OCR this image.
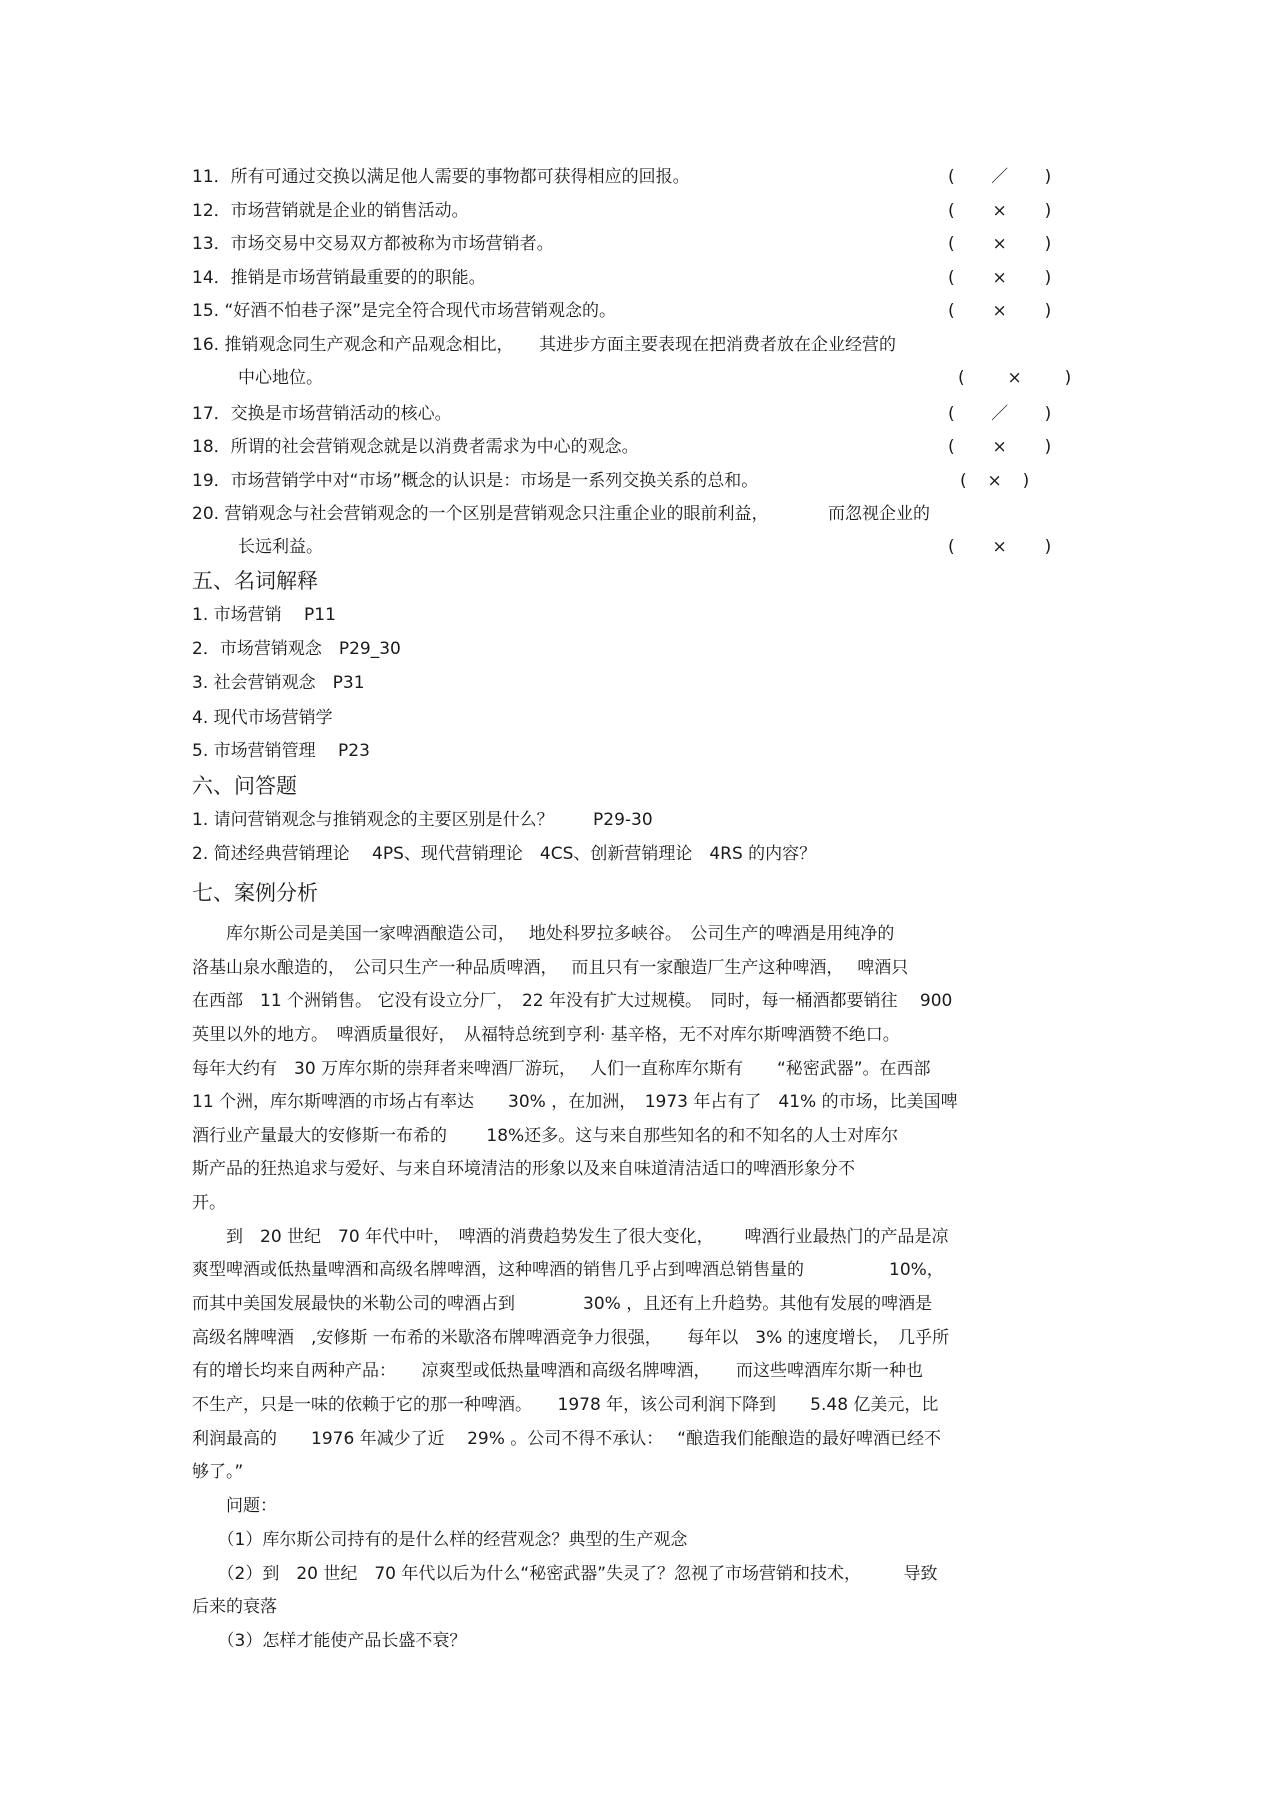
11．所有可通过交换以满足他人需要的事物都可获得相应的回报。	( ／ )
12．市场营销就是企业的销售活动。	( × )
13．市场交易中交易双方都被称为市场营销者。	( × )
14．推销是市场营销最重要的的职能。	( × )
15. “好酒不怕巷子深”是完全符合现代市场营销观念的。	( × )
16. 推销观念同生产观念和产品观念相比，　　其进步方面主要表现在把消费者放在企业经营的
中心地位。	(	×	)
17．交换是市场营销活动的核心。	( ／ )
18．所谓的社会营销观念就是以消费者需求为中心的观念。	( × )
19．市场营销学中对“市场”概念的认识是：市场是一系列交换关系的总和。	( × )
20. 营销观念与社会营销观念的一个区别是营销观念只注重企业的眼前利益，　　　　而忽视企业的
长远利益。	( × )
五、名词解释
1. 市场营销　 P11
2．市场营销观念　P29_30
3. 社会营销观念　P31
4. 现代市场营销学
5. 市场营销管理　 P23
六、问答题
1. 请问营销观念与推销观念的主要区别是什么？　　 P29-30
2. 简述经典营销理论　 4PS、现代营销理论　4CS、创新营销理论　4RS 的内容？
七、案例分析
　　库尔斯公司是美国一家啤酒酿造公司，　 地处科罗拉多峡谷。　公司生产的啤酒是用纯净的
洛基山泉水酿造的，　公司只生产一种品质啤酒，　 而且只有一家酿造厂生产这种啤酒，　 啤酒只
在西部　11 个洲销售。 它没有设立分厂，　22 年没有扩大过规模。　同时，每一桶酒都要销往　 900
英里以外的地方。　啤酒质量很好，　从福特总统到亨利· 基辛格，无不对库尔斯啤酒赞不绝口。
每年大约有　30 万库尔斯的崇拜者来啤酒厂游玩，　 人们一直称库尔斯有　　“秘密武器”。在西部
11 个洲，库尔斯啤酒的市场占有率达　　30% ，在加洲，　1973 年占有了　41% 的市场，比美国啤
酒行业产量最大的安修斯一布希的　　 18%还多。这与来自那些知名的和不知名的人士对库尔
斯产品的狂热追求与爱好、与来自环境清洁的形象以及来自味道清洁适口的啤酒形象分不
开。
　　到　20 世纪　70 年代中叶，　啤酒的消费趋势发生了很大变化，　　 啤酒行业最热门的产品是凉
爽型啤酒或低热量啤酒和高级名牌啤酒，这种啤酒的销售几乎占到啤酒总销售量的　　　　　10%，
而其中美国发展最快的米勒公司的啤酒占到　　　　30% ，且还有上升趋势。其他有发展的啤酒是
高级名牌啤酒　,安修斯 一布希的米歇洛布牌啤酒竞争力很强，　　每年以　3% 的速度增长，　几乎所
有的增长均来自两种产品：　　凉爽型或低热量啤酒和高级名牌啤酒，　　而这些啤酒库尔斯一种也
不生产，只是一味的依赖于它的那一种啤酒。　　1978 年，该公司利润下降到　　5.48 亿美元，比
利润最高的　　1976 年减少了近　 29% 。公司不得不承认：　 “酿造我们能酿造的最好啤酒已经不
够了。”
　　问题：
　　（1）库尔斯公司持有的是什么样的经营观念？典型的生产观念
　　（2）到　20 世纪　70 年代以后为什么“秘密武器”失灵了？忽视了市场营销和技术，　　　导致
后来的衰落
　　（3）怎样才能使产品长盛不衰？
